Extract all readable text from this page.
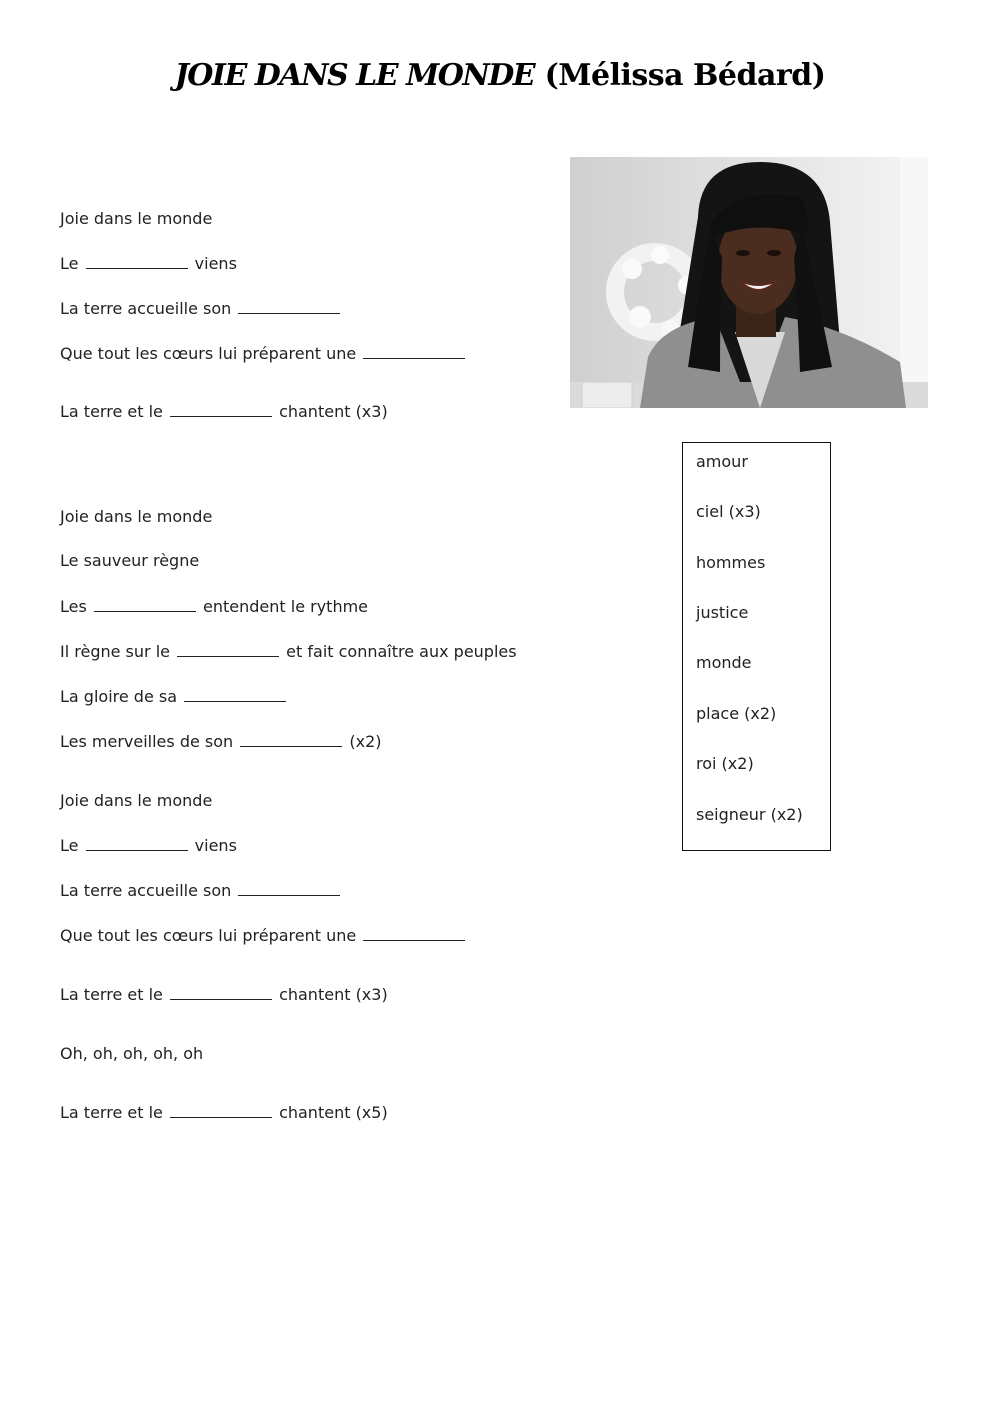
JOIE DANS LE MONDE (Mélissa Bédard)
Joie dans le monde
Le	viens
La terre accueille son
Que tout les cœurs lui préparent une
La terre et le	chantent (x3)
Joie dans le monde
Le sauveur règne
Les	entendent le rythme
Il règne sur le	et fait connaître aux peuples
La gloire de sa
Les merveilles de son	(x2)
Joie dans le monde
Le	viens
La terre accueille son
Que tout les cœurs lui préparent une
La terre et le	chantent (x3)
Oh, oh, oh, oh, oh
La terre et le	chantent (x5)
amour
ciel (x3)
hommes
justice
monde
place (x2)
roi (x2)
seigneur (x2)
